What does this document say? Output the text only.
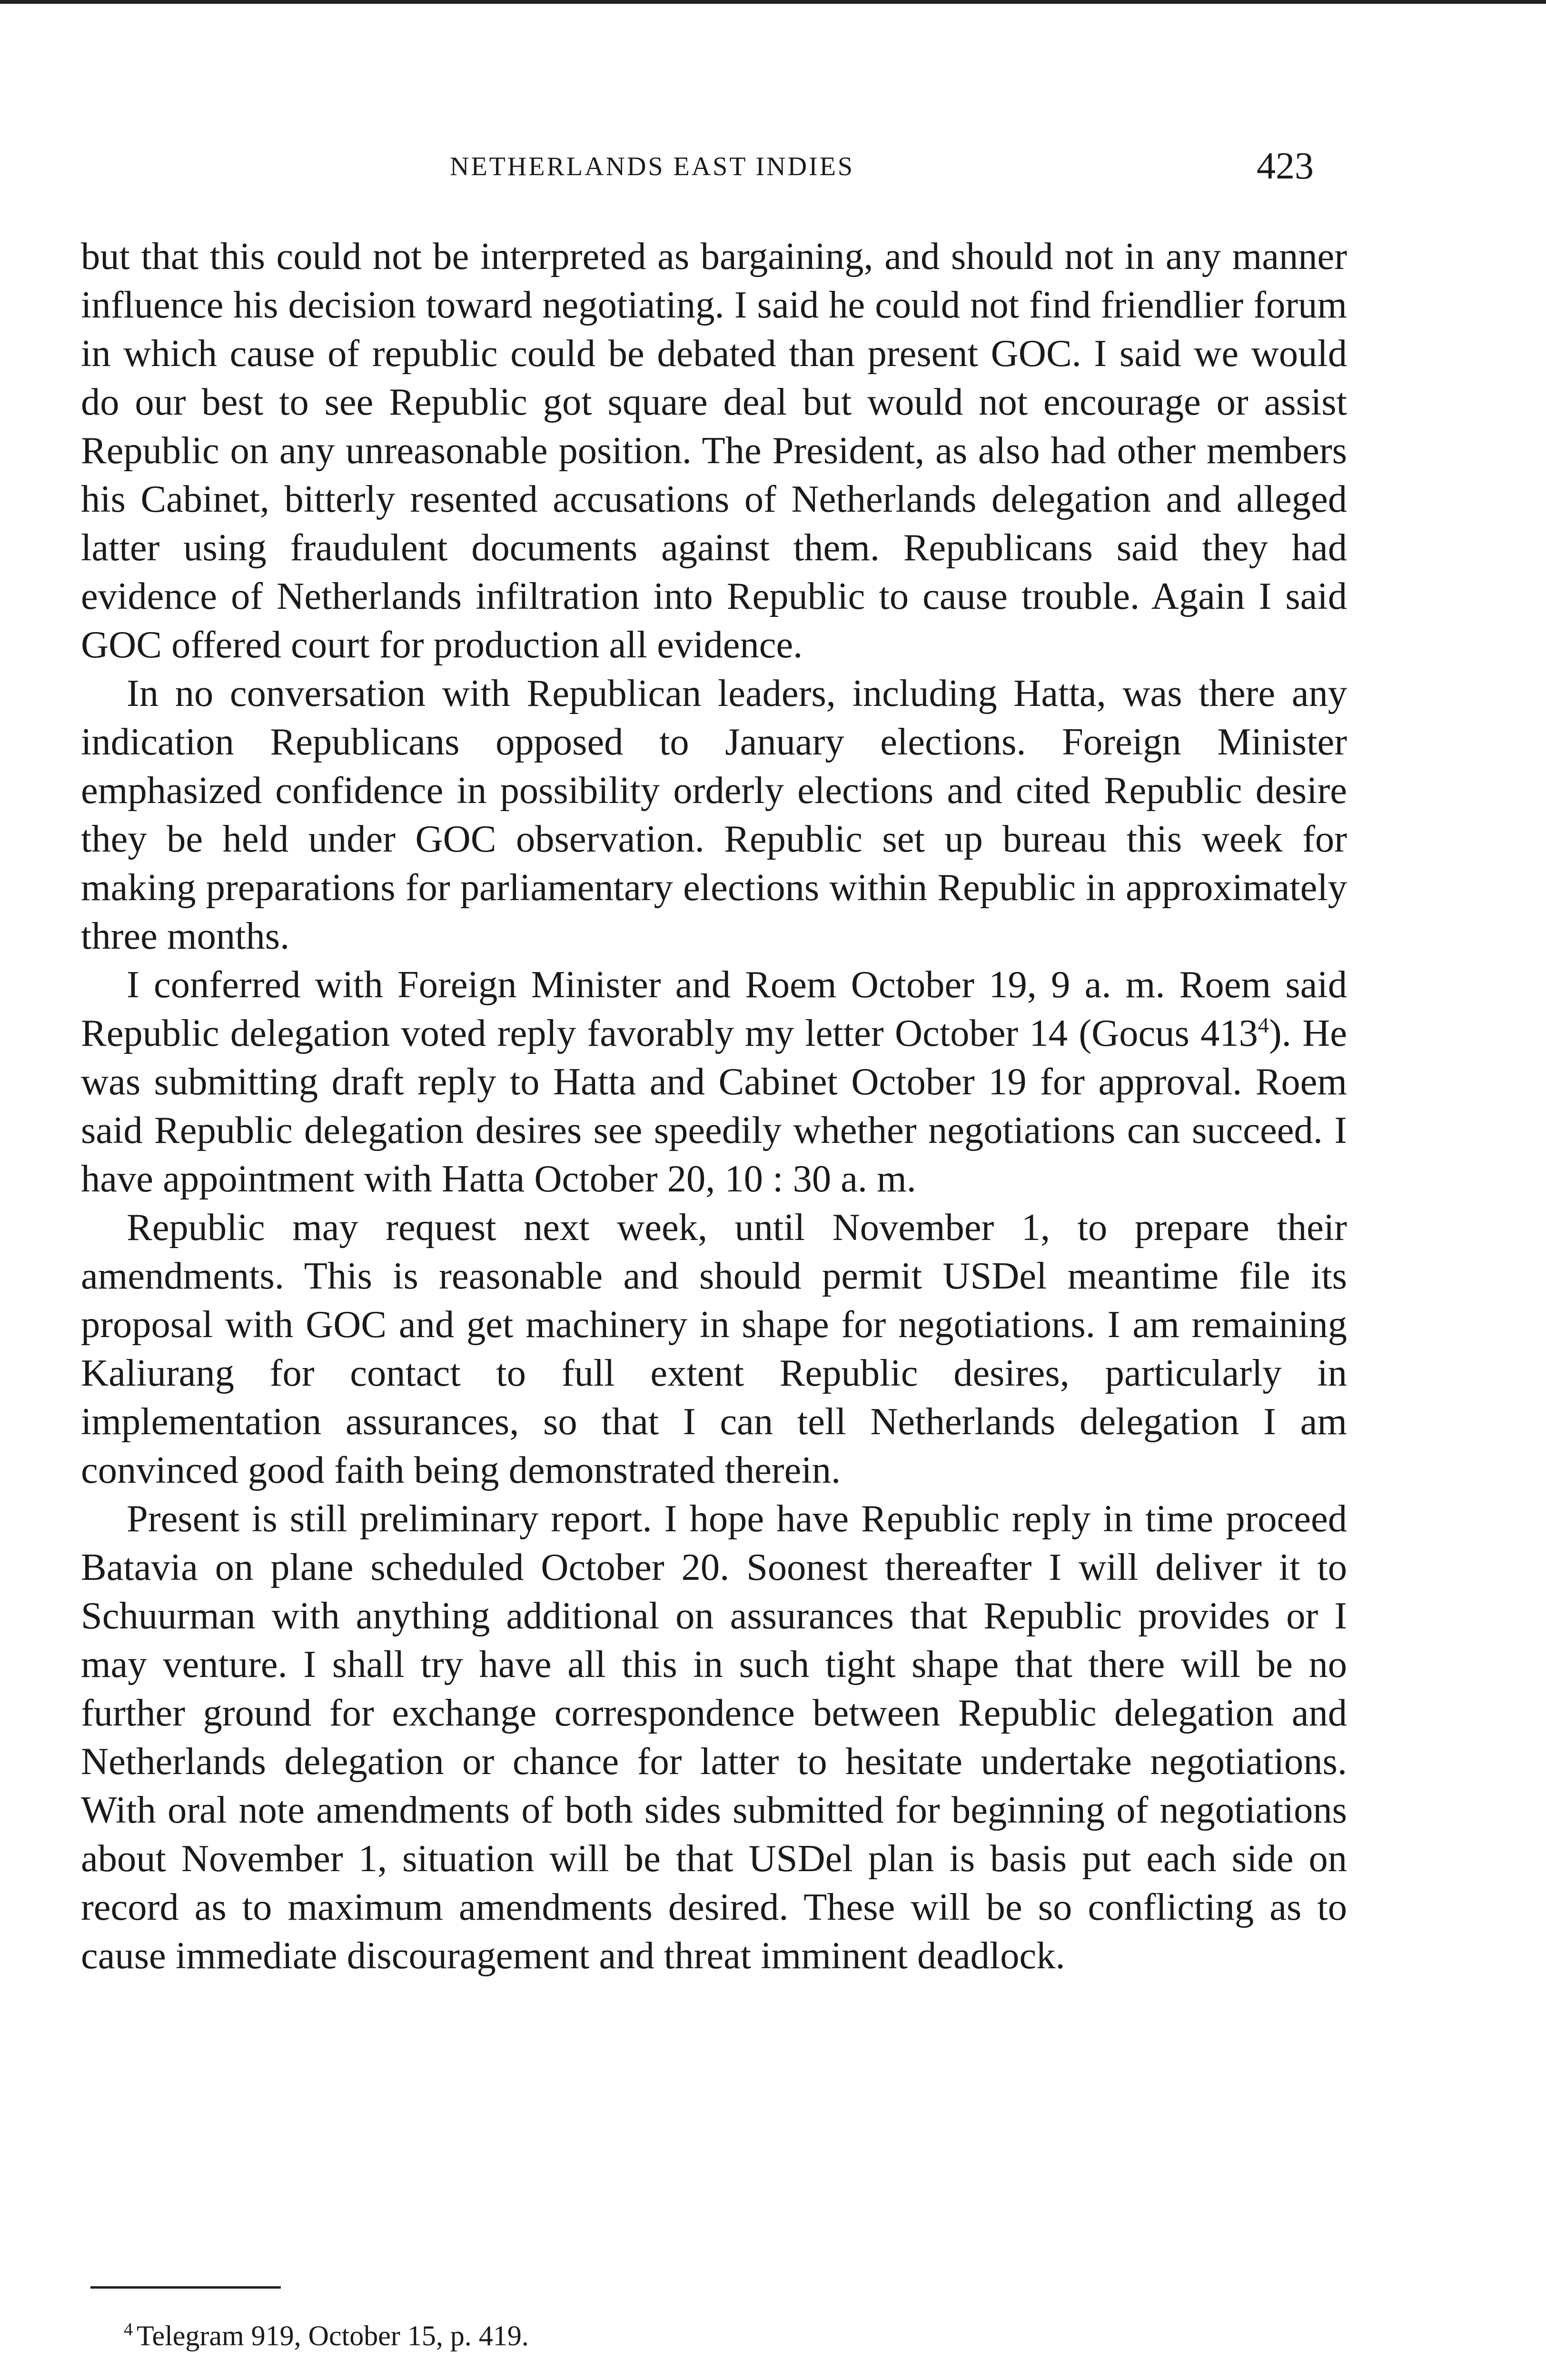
NETHERLANDS EAST INDIES	423

but that this could not be interpreted as bargaining, and should not in any manner influence his decision toward negotiating. I said he could not find friendlier forum in which cause of republic could be debated than present GOC. I said we would do our best to see Republic got square deal but would not encourage or assist Republic on any unreasonable position. The President, as also had other members his Cabinet, bitterly resented accusations of Netherlands delegation and alleged latter using fraudulent documents against them. Republicans said they had evidence of Netherlands infiltration into Republic to cause trouble. Again I said GOC offered court for production all evidence.

In no conversation with Republican leaders, including Hatta, was there any indication Republicans opposed to January elections. Foreign Minister emphasized confidence in possibility orderly elections and cited Republic desire they be held under GOC observation. Republic set up bureau this week for making preparations for parliamentary elections within Republic in approximately three months.

I conferred with Foreign Minister and Roem October 19, 9 a. m. Roem said Republic delegation voted reply favorably my letter October 14 (Gocus $413^4$). He was submitting draft reply to Hatta and Cabinet October 19 for approval. Roem said Republic delegation desires see speedily whether negotiations can succeed. I have appointment with Hatta October 20, 10 : 30 a. m.

Republic may request next week, until November 1, to prepare their amendments. This is reasonable and should permit USDel meantime file its proposal with GOC and get machinery in shape for negotiations. I am remaining Kaliurang for contact to full extent Republic desires, particularly in implementation assurances, so that I can tell Netherlands delegation I am convinced good faith being demonstrated therein.

Present is still preliminary report. I hope have Republic reply in time proceed Batavia on plane scheduled October 20. Soonest thereafter I will deliver it to Schuurman with anything additional on assurances that Republic provides or I may venture. I shall try have all this in such tight shape that there will be no further ground for exchange correspondence between Republic delegation and Netherlands delegation or chance for latter to hesitate undertake negotiations. With oral note amendments of both sides submitted for beginning of negotiations about November 1, situation will be that USDel plan is basis put each side on record as to maximum amendments desired. These will be so conflicting as to cause immediate discouragement and threat imminent deadlock.

$^4$ Telegram 919, October 15, p. 419.
